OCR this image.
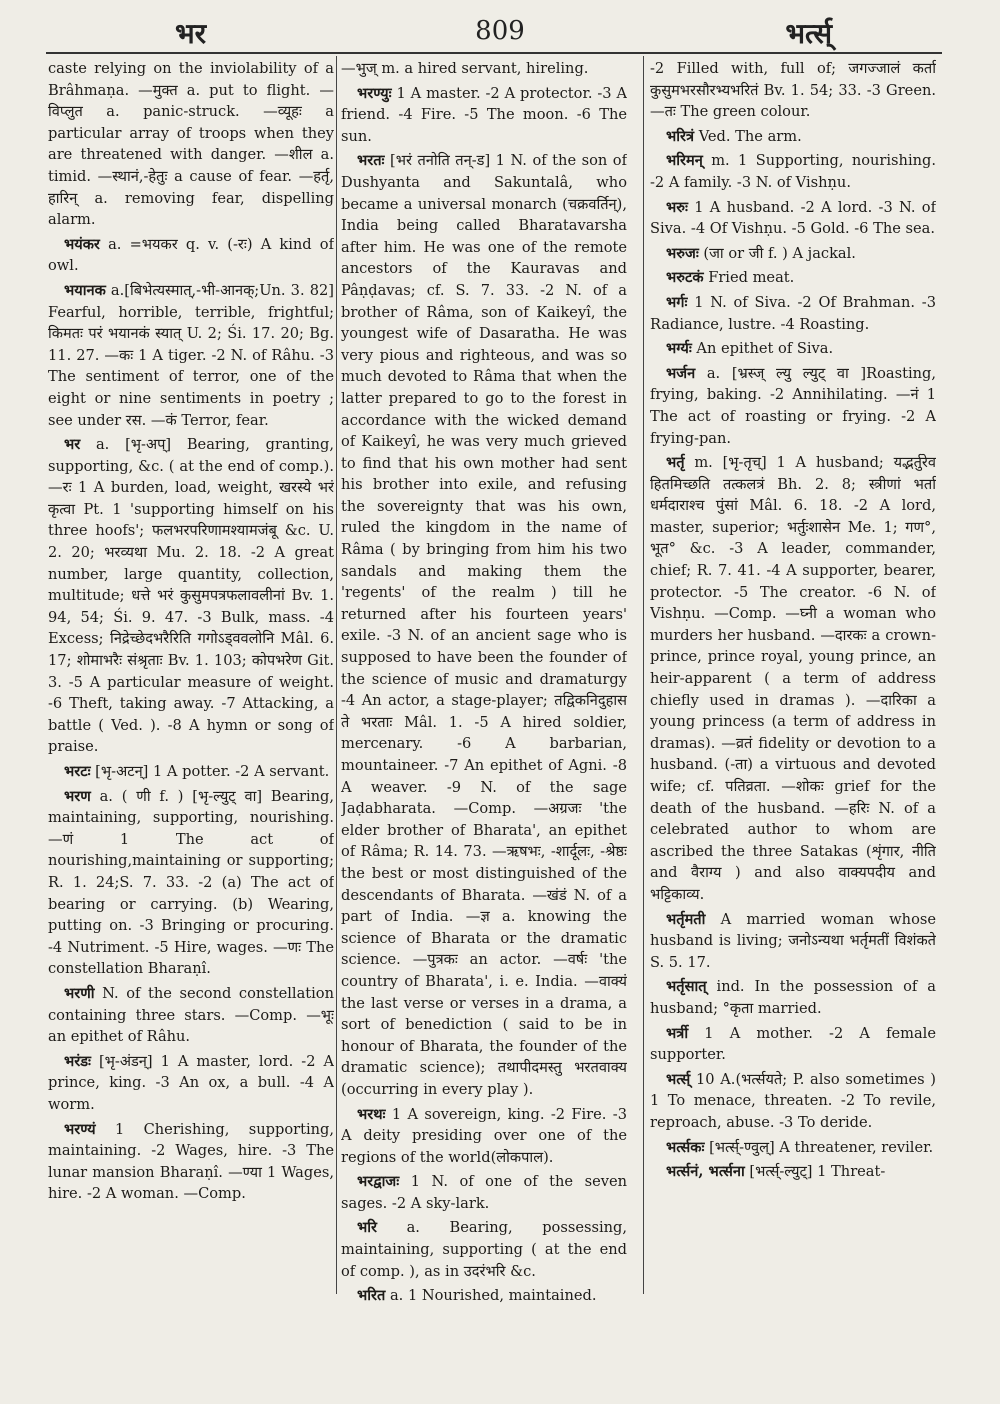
भर	809	भर्त्स्

caste relying on the inviolability of a Brâhmaṇa. —मुक्त a. put to flight. —विप्लुत a. panic-struck. —व्यूहः a particular array of troops when they are threatened with danger. —शील a. timid. —स्थानं,-हेतुः a cause of fear. —हर्तृ, हारिन् a. removing fear, dispelling alarm.

भयंकर a. =भयकर q. v. (-रः) A kind of owl.

भयानक a.[बिभेत्यस्मात्,-भी-आनक्;Un. 3. 82] Fearful, horrible, terrible, frightful; किमतः परं भयानकं स्यात् U. 2; Śi. 17. 20; Bg. 11. 27. —कः 1 A tiger. -2 N. of Râhu. -3 The sentiment of terror, one of the eight or nine sentiments in poetry ; see under रस. —कं Terror, fear.

भर a. [भृ-अप्] Bearing, granting, supporting, &c. ( at the end of comp.). —रः 1 A burden, load, weight, खरस्ये भरं कृत्वा Pt. 1 'supporting himself on his three hoofs'; फलभरपरिणामश्यामजंबू &c. U. 2. 20; भरव्यथा Mu. 2. 18. -2 A great number, large quantity, collection, multitude; धत्ते भरं कुसुमपत्रफलावलीनां Bv. 1. 94, 54; Śi. 9. 47. -3 Bulk, mass. -4 Excess; निद्रेच्छेदभरैरिति गगोऽड्ववलोनि Mâl. 6. 17; शोमाभरैः संश्रृताः Bv. 1. 103; कोपभरेण Git. 3. -5 A particular measure of weight. -6 Theft, taking away. -7 Attacking, a battle ( Ved. ). -8 A hymn or song of praise.

भरटः [भृ-अटन्] 1 A potter. -2 A servant.

भरण a. ( णी f. ) [भृ-ल्युट् वा] Bearing, maintaining, supporting, nourishing. —णं 1 The act of nourishing,maintaining or supporting; R. 1. 24;S. 7. 33. -2 (a) The act of bearing or carrying. (b) Wearing, putting on. -3 Bringing or procuring. -4 Nutriment. -5 Hire, wages. —णः The constellation Bharaṇî.

भरणी N. of the second constellation containing three stars. —Comp. —भूः an epithet of Râhu.

भरंडः [भृ-अंडन्] 1 A master, lord. -2 A prince, king. -3 An ox, a bull. -4 A worm.

भरण्यं 1 Cherishing, supporting, maintaining. -2 Wages, hire. -3 The lunar mansion Bharaṇî. —ण्या 1 Wages, hire. -2 A woman. —Comp.

—भुज् m. a hired servant, hireling.

भरण्युः 1 A master. -2 A protector. -3 A friend. -4 Fire. -5 The moon. -6 The sun.

भरतः [भरं तनोति तन्-ड] 1 N. of the son of Dushyanta and Sakuntalâ, who became a universal monarch (चक्रवर्तिन्), India being called Bharatavarsha after him. He was one of the remote ancestors of the Kauravas and Pâṇḍavas; cf. S. 7. 33. -2 N. of a brother of Râma, son of Kaikeyî, the youngest wife of Dasaratha. He was very pious and righteous, and was so much devoted to Râma that when the latter prepared to go to the forest in accordance with the wicked demand of Kaikeyî, he was very much grieved to find that his own mother had sent his brother into exile, and refusing the sovereignty that was his own, ruled the kingdom in the name of Râma ( by bringing from him his two sandals and making them the 'regents' of the realm ) till he returned after his fourteen years' exile. -3 N. of an ancient sage who is supposed to have been the founder of the science of music and dramaturgy -4 An actor, a stage-player; तद्विकनिदुहास ते भरताः Mâl. 1. -5 A hired soldier, mercenary. -6 A barbarian, mountaineer. -7 An epithet of Agni. -8 A weaver. -9 N. of the sage Jaḍabharata. —Comp. —अग्रजः 'the elder brother of Bharata', an epithet of Râma; R. 14. 73. —ऋषभः, -शार्दूलः, -श्रेष्ठः the best or most distinguished of the descendants of Bharata. —खंडं N. of a part of India. —ज्ञ a. knowing the science of Bharata or the dramatic science. —पुत्रकः an actor. —वर्षः 'the country of Bharata', i. e. India. —वाक्यं the last verse or verses in a drama, a sort of benediction ( said to be in honour of Bharata, the founder of the dramatic science); तथापीदमस्तु भरतवाक्य (occurring in every play ).

भरथः 1 A sovereign, king. -2 Fire. -3 A deity presiding over one of the regions of the world(लोकपाल).

भरद्वाजः 1 N. of one of the seven sages. -2 A sky-lark.

भरि a. Bearing, possessing, maintaining, supporting ( at the end of comp. ), as in उदरंभरि &c.

भरित a. 1 Nourished, maintained.

-2 Filled with, full of; जगज्जालं कर्ता कुसुमभरसौरभ्यभरितं Bv. 1. 54; 33. -3 Green. —तः The green colour.

भरित्रं Ved. The arm.

भरिमन् m. 1 Supporting, nourishing. -2 A family. -3 N. of Vishṇu.

भरुः 1 A husband. -2 A lord. -3 N. of Siva. -4 Of Vishṇu. -5 Gold. -6 The sea.

भरुजः (जा or जी f. ) A jackal.

भरुटकं Fried meat.

भर्गः 1 N. of Siva. -2 Of Brahman. -3 Radiance, lustre. -4 Roasting.

भर्ग्यः An epithet of Siva.

भर्जन a. [भ्रस्ज् ल्यु ल्युट् वा ]Roasting, frying, baking. -2 Annihilating. —नं 1 The act of roasting or frying. -2 A frying-pan.

भर्तृ m. [भृ-तृच्] 1 A husband; यद्भर्तुरेव हितमिच्छति तत्कलत्रं Bh. 2. 8; स्त्रीणां भर्ता धर्मदाराश्च पुंसां Mâl. 6. 18. -2 A lord, master, superior; भर्तुःशासेन Me. 1; गण°, भूत° &c. -3 A leader, commander, chief; R. 7. 41. -4 A supporter, bearer, protector. -5 The creator. -6 N. of Vishṇu. —Comp. —घ्नी a woman who murders her husband. —दारकः a crown-prince, prince royal, young prince, an heir-apparent ( a term of address chiefly used in dramas ). —दारिका a young princess (a term of address in dramas). —व्रतं fidelity or devotion to a husband. (-ता) a virtuous and devoted wife; cf. पतिव्रता. —शोकः grief for the death of the husband. —हरिः N. of a celebrated author to whom are ascribed the three Satakas (शृंगार, नीति and वैराग्य ) and also वाक्यपदीय and भट्टिकाव्य.

भर्तृमती A married woman whose husband is living; जनोऽन्यथा भर्तृमतीं विशंकते S. 5. 17.

भर्तृसात् ind. In the possession of a husband; °कृता married.

भर्त्री 1 A mother. -2 A female supporter.

भर्त्स् 10 A.(भर्त्सयते; P. also sometimes ) 1 To menace, threaten. -2 To revile, reproach, abuse. -3 To deride.

भर्त्सकः [भर्त्स्-ण्वुल्] A threatener, reviler.

भर्त्सनं, भर्त्सना [भर्त्स्-ल्युट्] 1 Threat-
